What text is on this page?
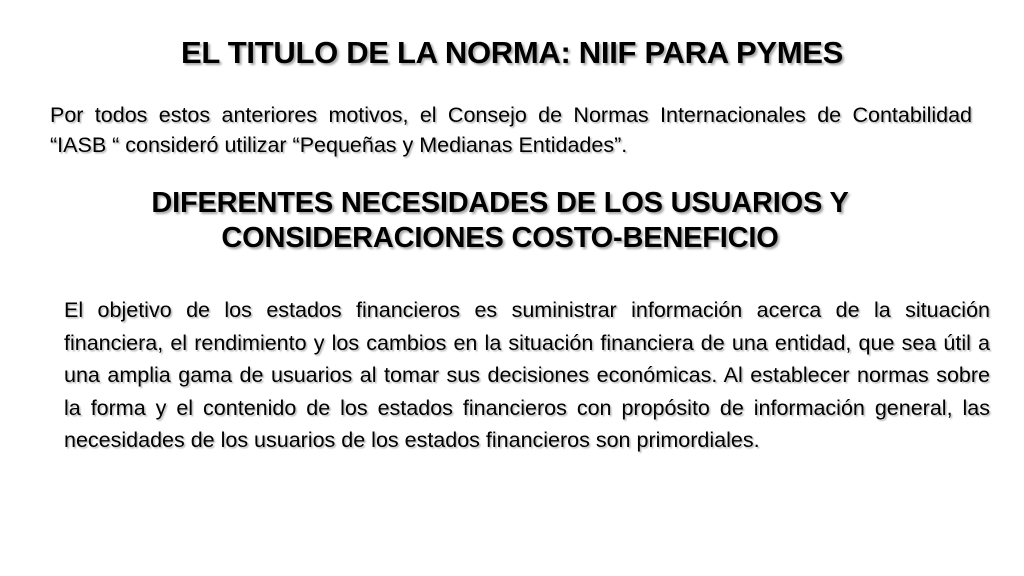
EL TITULO DE LA NORMA: NIIF PARA PYMES

Por todos estos anteriores motivos, el Consejo de Normas Internacionales de Contabilidad “IASB “ consideró utilizar “Pequeñas y Medianas Entidades”.

DIFERENTES NECESIDADES DE LOS USUARIOS Y
CONSIDERACIONES COSTO-BENEFICIO

El objetivo de los estados financieros es suministrar información acerca de la situación financiera, el rendimiento y los cambios en la situación financiera de una entidad, que sea útil a una amplia gama de usuarios al tomar sus decisiones económicas. Al establecer normas sobre la forma y el contenido de los estados financieros con propósito de información general, las necesidades de los usuarios de los estados financieros son primordiales.
